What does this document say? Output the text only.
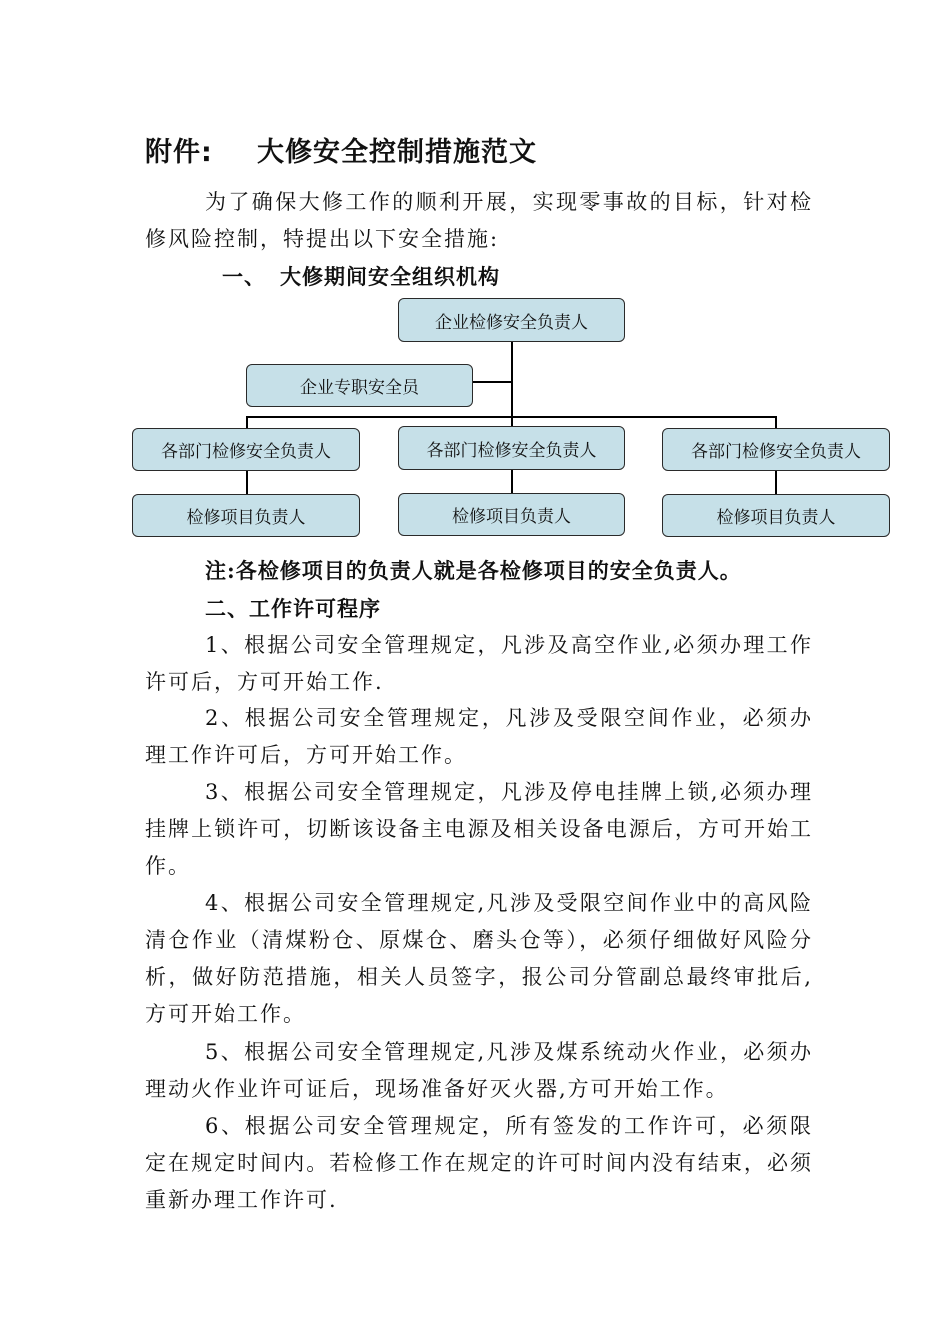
附件: 大修安全控制措施范文

为了确保大修工作的顺利开展，实现零事故的目标，针对检修风险控制，特提出以下安全措施:

一、 大修期间安全组织机构
企业检修安全负责人
企业专职安全员
各部门检修安全负责人	各部门检修安全负责人	各部门检修安全负责人
检修项目负责人	检修项目负责人	检修项目负责人
注:各检修项目的负责人就是各检修项目的安全负责人。
二、工作许可程序

1、根据公司安全管理规定，凡涉及高空作业,必须办理工作许可后，方可开始工作.

2、根据公司安全管理规定，凡涉及受限空间作业，必须办理工作许可后，方可开始工作。

3、根据公司安全管理规定，凡涉及停电挂牌上锁,必须办理挂牌上锁许可，切断该设备主电源及相关设备电源后，方可开始工作。

4、根据公司安全管理规定,凡涉及受限空间作业中的高风险清仓作业（清煤粉仓、原煤仓、磨头仓等），必须仔细做好风险分析，做好防范措施，相关人员签字，报公司分管副总最终审批后,方可开始工作。

5、根据公司安全管理规定,凡涉及煤系统动火作业，必须办理动火作业许可证后，现场准备好灭火器,方可开始工作。

6、根据公司安全管理规定，所有签发的工作许可，必须限定在规定时间内。若检修工作在规定的许可时间内没有结束，必须重新办理工作许可.
